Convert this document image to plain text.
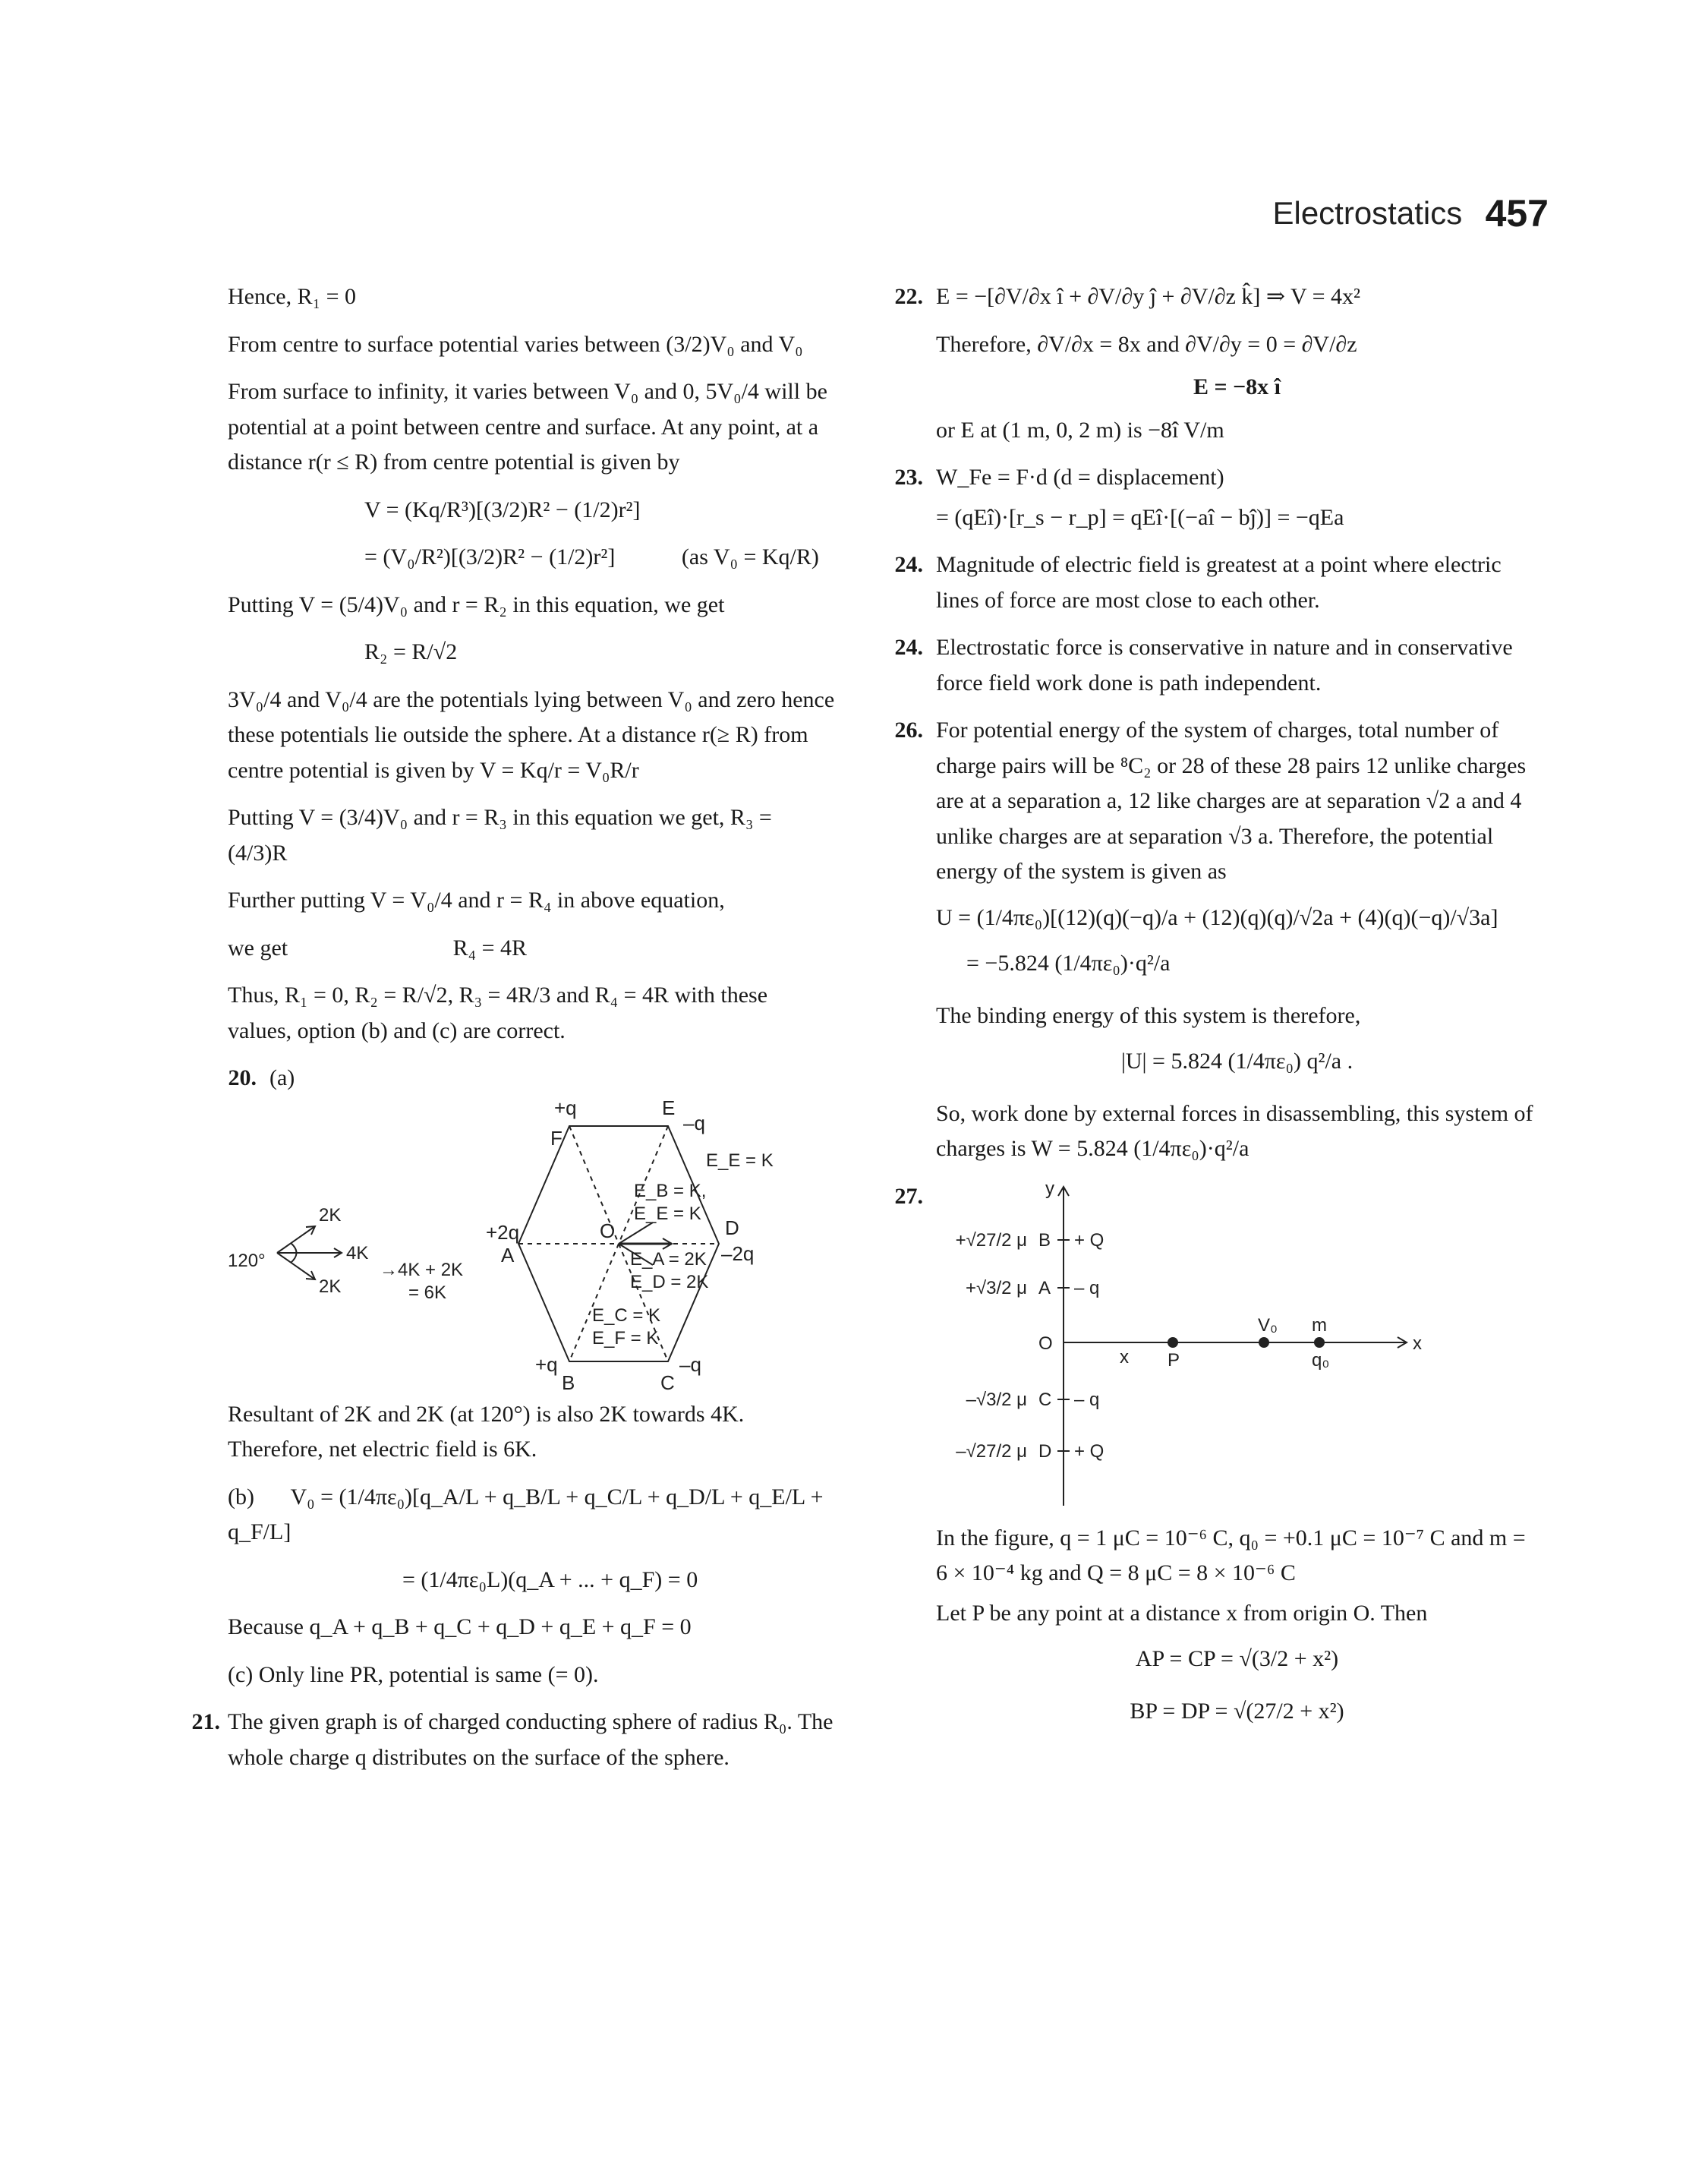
Electrostatics 457

Hence, R₁ = 0

From centre to surface potential varies between (3/2)V₀ and V₀

From surface to infinity, it varies between V₀ and 0, 5V₀/4 will be potential at a point between centre and surface. At any point, at a distance r(r ≤ R) from centre potential is given by

V = (Kq/R³)[(3/2)R² − (1/2)r²]
= (V₀/R²)[(3/2)R² − (1/2)r²]	(as V₀ = Kq/R)

Putting V = (5/4)V₀ and r = R₂ in this equation, we get

R₂ = R/√2

3V₀/4 and V₀/4 are the potentials lying between V₀ and zero hence these potentials lie outside the sphere. At a distance r(≥ R) from centre potential is given by V = Kq/r = V₀R/r

Putting V = (3/4)V₀ and r = R₃ in this equation we get, R₃ = (4/3)R

Further putting V = V₀/4 and r = R₄ in above equation,

we get	R₄ = 4R

Thus, R₁ = 0, R₂ = R/√2, R₃ = 4R/3 and R₄ = 4R with these values, option (b) and (c) are correct.

20. (a)
2K
4K
2K
120°	→4K + 2K
= 6K
+q
F
E
–q
E_E = K
E_B = K,
E_E = K
O
+2q
A
D
–2q
E_A = 2K
E_D = 2K
E_C = K
E_F = K
+q
B	C
–q

Resultant of 2K and 2K (at 120°) is also 2K towards 4K. Therefore, net electric field is 6K.

(b) V₀ = (1/4πε₀)[q_A/L + q_B/L + q_C/L + q_D/L + q_E/L + q_F/L]
= (1/4πε₀L)(q_A + ... + q_F) = 0

Because q_A + q_B + q_C + q_D + q_E + q_F = 0

(c) Only line PR, potential is same (= 0).

21. The given graph is of charged conducting sphere of radius R₀. The whole charge q distributes on the surface of the sphere.
22. E = −[∂V/∂x î + ∂V/∂y ĵ + ∂V/∂z k̂] ⇒ V = 4x²
Therefore, ∂V/∂x = 8x and ∂V/∂y = 0 = ∂V/∂z
E = −8x î
or E at (1 m, 0, 2 m) is −8î V/m
23. W_Fe = F·d (d = displacement)
= (qEî)·[r_s − r_p] = qEî·[(−aî − bĵ)] = −qEa
24. Magnitude of electric field is greatest at a point where electric lines of force are most close to each other.
24. Electrostatic force is conservative in nature and in conservative force field work done is path independent.
26. For potential energy of the system of charges, total number of charge pairs will be ⁸C₂ or 28 of these 28 pairs 12 unlike charges are at a separation a, 12 like charges are at separation √2 a and 4 unlike charges are at separation √3 a. Therefore, the potential energy of the system is given as
U = (1/4πε₀)[(12)(q)(−q)/a + (12)(q)(q)/√2a + (4)(q)(−q)/√3a]
= −5.824 (1/4πε₀)·q²/a
The binding energy of this system is therefore,
|U| = 5.824 (1/4πε₀) q²/a .
So, work done by external forces in disassembling, this system of charges is W = 5.824 (1/4πε₀)·q²/a
27.	y
x
+√27/2 μ B + Q
+√3/2 μ A – q
O
–√3/2 μ C – q
–√27/2 μ D + Q
x P
V₀ m
q₀
In the figure, q = 1 μC = 10⁻⁶ C, q₀ = +0.1 μC = 10⁻⁷ C and m = 6 × 10⁻⁴ kg and Q = 8 μC = 8 × 10⁻⁶ C
Let P be any point at a distance x from origin O. Then
AP = CP = √(3/2 + x²)
BP = DP = √(27/2 + x²)
